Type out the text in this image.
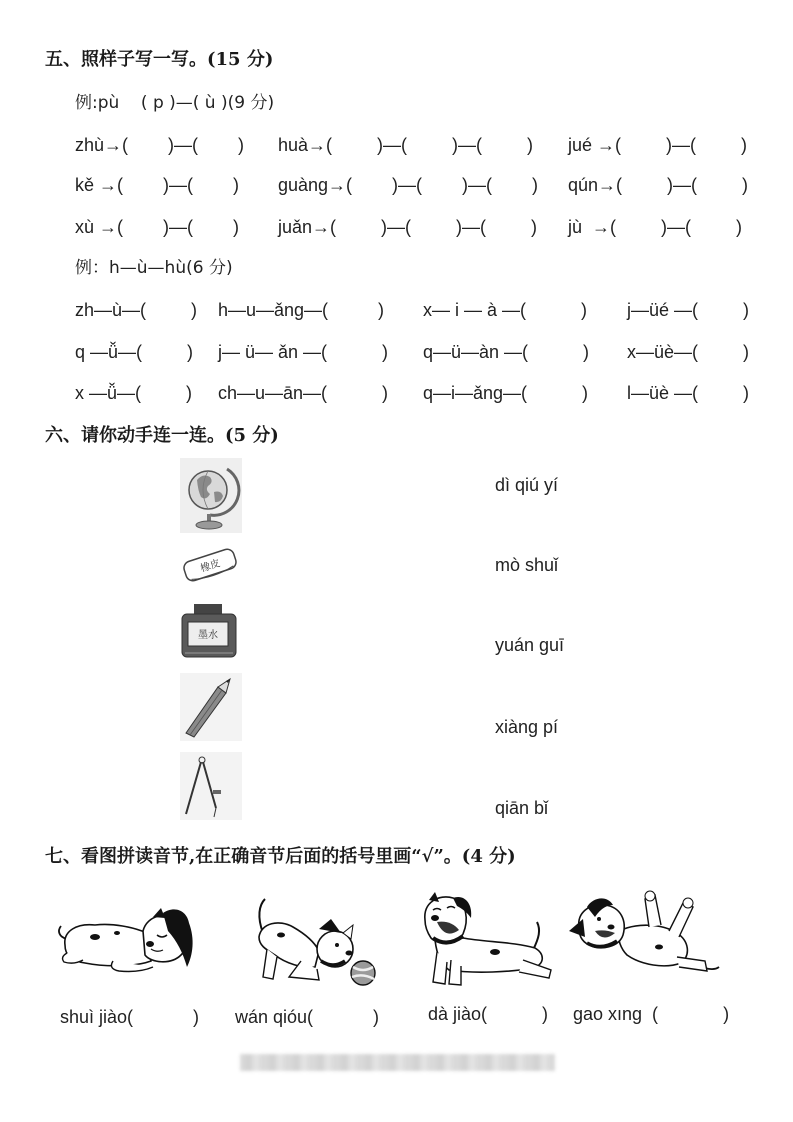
五、照样子写一写。(15 分)
例:pù    ( p )—( ù )(9 分)
zhù→(        )—(        ) huà→(         )—(         )—(         ) jué →(         )—(         )
kě →(        )—(        ) guàng→(        )—(        )—(        ) qún→(         )—(         )
xù →(        )—(        ) juǎn→(         )—(         )—(         ) jù  →(         )—(         )
例：h—ù—hù(6 分)
zh—ù—(         ) h—u—ǎng—(          ) x— i — à —(           ) j—üé —(         )
q —ǚ—(         ) j— ü— ǎn —(           ) q—ü—àn —(           ) x—üè—(         )
x —ǚ—(         ) ch—u—ān—(           ) q—i—ǎng—(           ) l—üè —(         )
六、请你动手连一连。(5 分)
橡皮
墨水
dì qiú yí
mò shuǐ
yuán guī
xiàng pí
qiān bǐ
七、看图拼读音节,在正确音节后面的括号里画“√”。(4 分)
shuì jiào(            ) wán qióu(            )	dà jiào(           ) gao xıng  (             )
